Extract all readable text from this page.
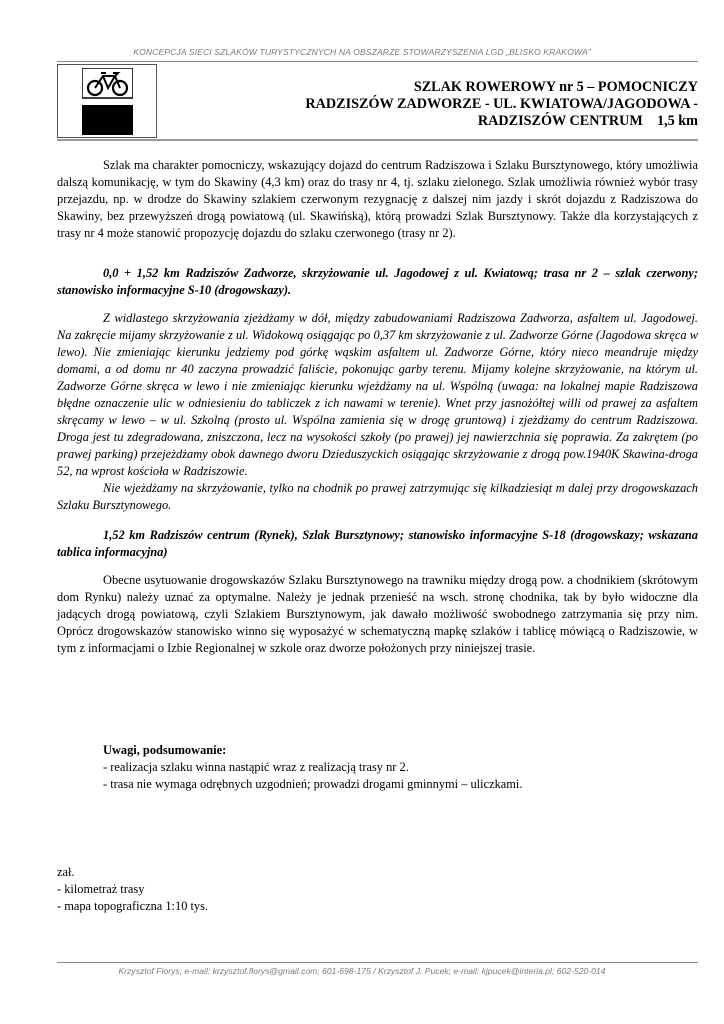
KONCEPCJA SIECI SZLAKÓW TURYSTYCZNYCH NA OBSZARZE STOWARZYSZENIA LGD „BLISKO KRAKOWA”
SZLAK ROWEROWY nr 5 – POMOCNICZY
RADZISZÓW ZADWORZE - UL. KWIATOWA/JAGODOWA -
RADZISZÓW CENTRUM    1,5 km

Szlak ma charakter pomocniczy, wskazujący dojazd do centrum Radziszowa i Szlaku Bursztynowego, który umożliwia dalszą komunikację, w tym do Skawiny (4,3 km) oraz do trasy nr 4, tj. szlaku zielonego. Szlak umożliwia również wybór trasy przejazdu, np. w drodze do Skawiny szlakiem czerwonym rezygnację z dalszej nim jazdy i skrót dojazdu z Radziszowa do Skawiny, bez przewyższeń drogą powiatową (ul. Skawińską), którą prowadzi Szlak Bursztynowy. Także dla korzystających z trasy nr 4 może stanowić propozycję dojazdu do szlaku czerwonego (trasy nr 2).

0,0 + 1,52 km Radziszów Zadworze, skrzyżowanie ul. Jagodowej z ul. Kwiatową; trasa nr 2 – szlak czerwony; stanowisko informacyjne S-10 (drogowskazy).

Z widlastego skrzyżowania zjeżdżamy w dół, między zabudowaniami Radziszowa Zadworza, asfaltem ul. Jagodowej. Na zakręcie mijamy skrzyżowanie z ul. Widokową osiągając po 0,37 km skrzyżowanie z ul. Zadworze Górne (Jagodowa skręca w lewo). Nie zmieniając kierunku jedziemy pod górkę wąskim asfaltem ul. Zadworze Górne, który nieco meandruje między domami, a od domu nr 40 zaczyna prowadzić faliście, pokonując garby terenu. Mijamy kolejne skrzyżowanie, na którym ul. Zadworze Górne skręca w lewo i nie zmieniając kierunku wjeżdżamy na ul. Wspólną (uwaga: na lokalnej mapie Radziszowa błędne oznaczenie ulic w odniesieniu do tabliczek z ich nawami w terenie). Wnet przy jasnożółtej willi od prawej za asfaltem skręcamy w lewo – w ul. Szkolną (prosto ul. Wspólna zamienia się w drogę gruntową) i zjeżdżamy do centrum Radziszowa. Droga jest tu zdegradowana, zniszczona, lecz na wysokości szkoły (po prawej) jej nawierzchnia się poprawia. Za zakrętem (po prawej parking) przejeżdżamy obok dawnego dworu Dzieduszyckich osiągając skrzyżowanie z drogą pow.1940K Skawina-droga 52, na wprost kościoła w Radziszowie.

Nie wjeżdżamy na skrzyżowanie, tylko na chodnik po prawej zatrzymując się kilkadziesiąt m dalej przy drogowskazach Szlaku Bursztynowego.

1,52 km Radziszów centrum (Rynek), Szlak Bursztynowy; stanowisko informacyjne S-18 (drogowskazy; wskazana tablica informacyjna)

Obecne usytuowanie drogowskazów Szlaku Bursztynowego na trawniku między drogą pow. a chodnikiem (skrótowym dom Rynku) należy uznać za optymalne. Należy je jednak przenieść na wsch. stronę chodnika, tak by było widoczne dla jadących drogą powiatową, czyli Szlakiem Bursztynowym, jak dawało możliwość swobodnego zatrzymania się przy nim. Oprócz drogowskazów stanowisko winno się wyposażyć w schematyczną mapkę szlaków i tablicę mówiącą o Radziszowie, w tym z informacjami o Izbie Regionalnej w szkole oraz dworze położonych przy niniejszej trasie.

Uwagi, podsumowanie:
- realizacja szlaku winna nastąpić wraz z realizacją trasy nr 2.
- trasa nie wymaga odrębnych uzgodnień; prowadzi drogami gminnymi – uliczkami.
zał.
- kilometraż trasy
- mapa topograficzna 1:10 tys.
Krzysztof Florys; e-mail: krzysztof.florys@gmail.com; 601-698-175 / Krzysztof J. Pucek; e-mail: kjpucek@interia.pl; 602-520-014
